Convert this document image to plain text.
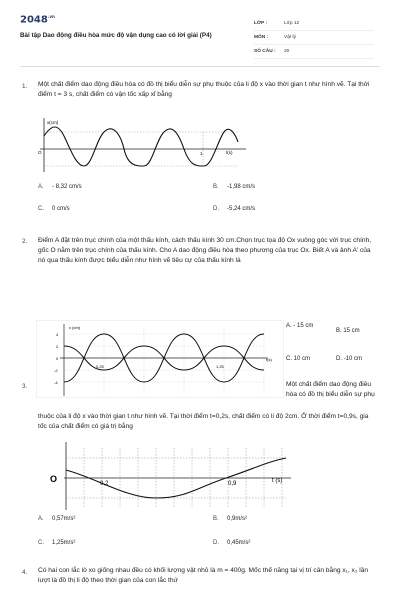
$2048^{.vn}$
Bài tập Dao động điều hòa mức độ vận dụng cao có lời giải (P4)
LỚP :	Lớp 12
MÔN :	Vật lý
SỐ CÂU :	20
1. Một chất điểm dao động điều hòa có đồ thị biểu diễn sự phụ thuộc của li độ x vào thời gian t như hình vẽ. Tại thời điểm t = 3 s, chất điểm có vận tốc xấp xỉ bằng
x(cm)
t(s)
1
O
A. - 8,32 cm/s	B. -1,98 cm/s
C. 0 cm/s	D. -5,24 cm/s
2. Điểm A đặt trên trục chính của một thấu kính, cách thấu kính 30 cm.Chọn trục tọa độ Ox vuông góc với trục chính, gốc O nằm trên trục chính của thấu kính. Cho A dao động điều hòa theo phương của trục Ox. Biết A và ảnh A' của nó qua thấu kính được biểu diễn như hình vẽ tiêu cự của thấu kính là
x (cm)
t(s)
0,25	1,25
4
2
0
-2
-4
A. - 15 cm
B. 15 cm
C. 10 cm	D. -10 cm
3.	Một chất điểm dao động điều hòa có đồ thị biểu diễn sự phụ
thuộc của li độ x vào thời gian t như hình vẽ. Tại thời điểm t=0,2s, chất điểm có li độ 2cm. Ở thời điểm t=0,9s, gia tốc của chất điểm có giá trị bằng
O	0,2	0,9	t (s)
A. 0,57m/s²	B. 0,9m/s²
C. 1,25m/s²	D. 0,45m/s²
4. Có hai con lắc lò xo giống nhau đều có khối lượng vật nhỏ là m = 400g. Mốc thế năng tại vị trí cân bằng x₁, x₂ lần lượt là đồ thị li độ theo thời gian của con lắc thứ
